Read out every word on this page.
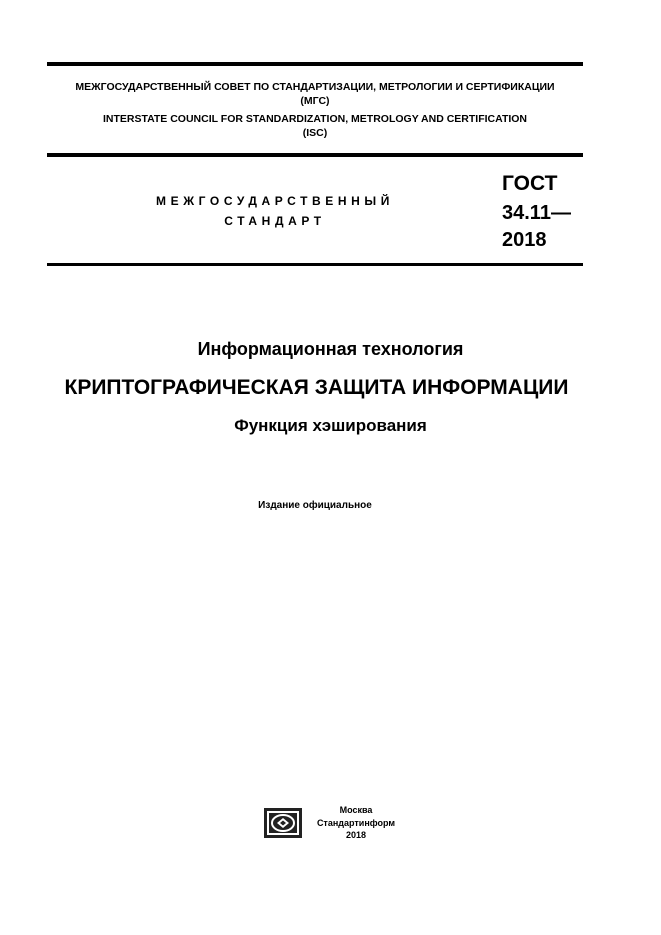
МЕЖГОСУДАРСТВЕННЫЙ СОВЕТ ПО СТАНДАРТИЗАЦИИ, МЕТРОЛОГИИ И СЕРТИФИКАЦИИ
(МГС)
INTERSTATE COUNCIL FOR STANDARDIZATION, METROLOGY AND CERTIFICATION
(ISC)
МЕЖГОСУДАРСТВЕННЫЙ
СТАНДАРТ
ГОСТ
34.11—
2018
Информационная технология
КРИПТОГРАФИЧЕСКАЯ ЗАЩИТА ИНФОРМАЦИИ
Функция хэширования
Издание официальное
Москва
Стандартинформ
2018
